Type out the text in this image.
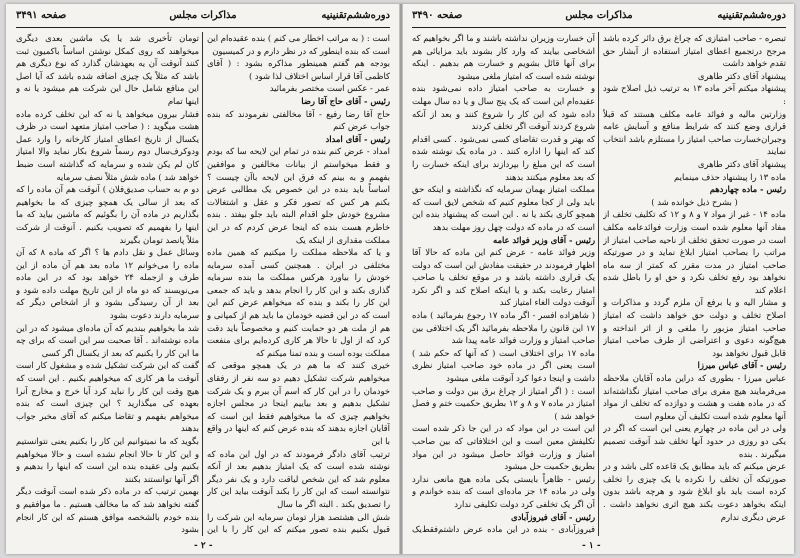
دوره‌ششم‌تقنینیه
مذاکرات مجلس
صفحه ۳۴۹۱

است : ( به مراتب اخطار می کنم ) بنده عقیده‌ام این است که بنده اینطور که در نظر دارم و در کمیسیون

بودجه هم گفتم همینطور مذاکره بشود : ( آقای کاظمی آقا قرار اساس اختلاف لذا شود )

عمر - عکس است مختصر بفرمائید

رئیس - آقای حاج آقا رضا

حاج آقا رضا رفیع - آقا مخالفتی نفرمودند که بنده جواب عرض کنم

رئیس - آقای امداد

امداد - عرض کنم بنده در تمام این لایحه سا که بودم و فقط میخواستم از بیانات مخالفین و موافقین بفهمم و به بینم که فرق این لایحه باآن چیست ؟ اساساً باید بنده در این خصوص یک مطالبی عرض بکنم هر کس که تصور فکر و عقل و اشتغالات مشروع خودش جلو اقدام البته باید جلو بیفتد . بنده خاطرم هست بنده که اینجا عرض کردم که در این مملکت مقداری از اینکه یک

و یا که ملاحظه مملکت را میکنیم که همین ماده مختلفی در ایران . همچنین کسی آمده سرمایه خودش را بیاورد هرکس مملکت ما بنده سرمایه گذاری بکند و این کار را انجام بدهد و باید که جمعی این کار را بکند و بنده که میخواهم عرض کنم این است که در این قضیه خودمان ما باید هم از کمپانی و هم از ملت هر دو حمایت کنیم و مخصوصاً باید دقت کرد که از اول تا حالا هر کاری کرده‌ایم برای منفعت مملکت بوده است و بنده تمنا میکنم که

خیری کنند که ما هم در یک همچو موقعی که میخواهیم شرکت تشکیل دهیم دو سه نفر از رفقای خودمان را در این کار که اسم آن ببرم و یک شرکت تشکیل بدهیم و بعد بیاییم اینجا در مجلس اجازه بخواهیم چیزی که ما میخواهیم فقط این است که آقایان اجازه بدهند که بنده عرض کنم که اینها در واقع با این

ترتیب آقای دادگر فرمودند که در اول این ماده که نوشته شده است که یک امتیاز بدهیم بعد از آنکه معلوم شد که این شخص لیاقت دارد و یک نفر دیگر نتوانسته است که این کار را بکند آنوقت بیاید این کار را تصدیق بکند . البته اگر ما سال

شش الی هشتصد هزار تومان سرمایه این شرکت را قبول بکنیم بنده تصور میکنم که این کار را با این

تومان تأخیری شد یا یک ماشین بعدی دیگری میخواهند که روی کمکل نوشتن اساساً باکمیون ثبت کنند آنوقت آن یه بعهدشان گذارد که نوع دیگری هم باشد که مثلاً یک چیزی اضافه شده باشد که آیا اصل این منافع شامل حال این شرکت هم میشود یا نه و اینها تمام

فشار بیرون میخواهد یا نه که این تخلف کرده ماده هشت میگوید : ( صاحب امتیاز متعهد است در ظرف یکسال از تاریخ اعطای امتیاز کارخانه را وارد عمل ودوکرف‌سال دوم رسماً شروع بکار نماید والا امتیاز کان لم یکن شده و سرمایه که گذاشته است ضبط خواهد شد ) ماده شش مثلاً نصف سرمایه

دو م به حساب صدیق‌فلان ) آنوقت هم آن ماده را که که بعد از سالی یک همچو چیزی که ما بخواهیم بگذاریم در ماده آن را بگوئیم که ماشین بیاید که ما اینها را بفهمیم که تصویب بکنیم . آنوقت از شرکت مثلاً پانصد تومان بگیرند

وسائل عمل و نقل دادم ها ؟ اگر که ماده ۸ که آن ماده را می‌خوانم ۱۲ ماده بعد هم آن ماده از این طرف و ازجمله ۲۴ خواهد بود که در این ماده می‌نویسند که دو ماه از این تاریخ مهلت داده شود و بعد از آن رسیدگی بشود و از اشخاص دیگر که سرمایه دارند دعوت بشود

شد ما بخواهیم ببندیم که آن ماده‌ای میشود که در این ماده نوشته‌اند . آقا صحبت سر این است که برای چه ما این کار را بکنیم که بعد از یکسال اگر کسی

گفت که این شرکت تشکیل شده و مشغول کار است آنوقت ما هر کاری که میخواهیم بکنیم . این است که هیچ وقت این کار را نباید کرد آیا خرج و مخارج آنرا بعهده کی میگذارید ؟ این چیزی است که بنده میخواهم بفهمم و تقاضا میکنم که آقای مخبر جواب بدهند

بگوید که ما نمیتوانیم این کار را بکنیم یعنی نتوانستیم و این کار تا حالا انجام نشده است و حالا میخواهیم بکنیم ولی عقیده بنده این است که اینها را بدهیم و اگر آنها توانستند بکنند

بهمین ترتیب که در ماده ذکر شده است آنوقت دیگر گفته نخواهد شد که ما مخالف هستیم . ما موافقیم و بنده خودم بالشخصه موافق هستم که این کار انجام بشود

- ۲ -
دوره‌ششم‌تقنینیه
مذاکرات مجلس
صفحه ۳۴۹۰

تبصره - صاحب امتیازی که چراغ برق دائر کرده باشد مرجح درتجمیع اعطای امتیاز استفاده از آبشار حق تقدم خواهد داشت

پیشنهاد آقای دکتر طاهری

پیشنهاد میکنم آخر ماده ۱۳ به ترتیب ذیل اصلاح شود :

وزارتین مالیه و فوائد عامه مکلف هستند که قبلاً قراری وضع کنند که شرایط منافع و آسایش عامه وجبران‌خسارت صاحب امتیاز را مستلزم باشد انتخاب نمایند

پیشنهاد آقای دکتر طاهری

ماده ۱۳ را پیشنهاد حذف مینمایم

رئیس - ماده چهاردهم

( بشرح ذیل خوانده شد )

ماده ۱۴ - غیر از مواد ۷ و ۸ و ۱۲ که تکلیف تخلف از مفاد آنها معلوم شده است وزارت فوائدعامه مکلف است در صورت تحقق تخلف از ناحیه صاحب امتیاز از مراتب را بصاحب امتیاز ابلاغ نماید و در صورتیکه صاحب امتیاز در مدت مقرر که کمتر از سه ماه نخواهد بود رفع تخلف نکرد و حق او را باطل شده اعلام کند

و مشار الیه و یا برفع آن ملزم گردد و مذاکرات و اصلاح تخلف و دولت حق خواهد داشت که امتیاز صاحب امتیاز مزبور را ملغی و از اثر انداخته و هیچ‌گونه دعوی و اعتراضی از طرف صاحب امتیاز قابل قبول نخواهد بود

رئیس - آقای عباس میرزا

عباس میرزا - بطوری که دراین ماده آقایان ملاحظه می‌فرمایند هیچ مفری برای صاحب امتیاز نگذاشته‌اند که در ماده هفت و هشت و دوازده که تخلف از مواد آنها معلوم شده است تکلیف آن معلوم است

ولی در این ماده در چهارم یعنی این است که اگر در یکی دو روزی در حدود آنها تخلف شد آنوقت تصمیم میگیرند . بنده

عرض میکنم که باید مطابق یک قاعده کلی باشد و در صورتیکه آن تخلف را نکرده یا یک چیزی را تخلف کرده است باید باو ابلاغ شود و هرچه باشد بدون اینکه بخواهد دعوت بکند هیچ اثری نخواهد داشت . عرض دیگری ندارم

آن خسارت وزیران نداشته باشند و ما اگر بخواهیم که اشخاصی بیایند که وارد کار بشوند باید مزایائی هم برای آنها قائل بشویم و خسارت هم بدهیم . اینکه نوشته شده است که امتیاز ملغی میشود

و خسارت به صاحب امتیاز داده نمی‌شود بنده عقیده‌ام این است که یک پنج سال و یا ده سال مهلت داده شود که این کار را شروع کنند و بعد از آنکه شروع کردند آنوقت اگر تخلف کردند

که بهتر و قدرت تقاضای کسی نمی‌شود . کسی اقدام کند که اینها را اداره کنند . در ماده یک نوشته شده است که این مبلغ را بپردازند برای اینکه خسارت را که بعد معلوم میکنند بدهند

مملکت امتیاز بهمان سرمایه که نگذاشته و اینکه حق باید ولی از کجا معلوم کنیم که شخص لایق است که همچو کاری بکند یا نه . این است که پیشنهاد بنده این است که در ماده که دولت چهل روز مهلت بدهد

رئیس - آقای وزیر فوائد عامه

وزیر فوائد عامه - عرض کنم این ماده که حالا آقا اظهار فرمودند در حقیقت مفادش این است که دولت یک قراری داشته باشد و در موقع تخلف یا صاحب امتیاز رعایت بکند و یا اینکه اصلاح کند و اگر نکرد آنوقت دولت الغاء امتیاز کند

( شاهزاده افسر - اگر ماده ۱۷ رجوع بفرمائید ) ماده ۱۷ این قانون را ملاحظه بفرمائید اگر یک اختلافی بین صاحب امتیاز و وزارت فوائد عامه پیدا شد

ماده ۱۷ برای اختلاف است ( که آنها که حکم شد ) است یعنی اگر در ماده خود صاحب امتیاز نظری داشت و اینجا دعوا کرد آنوقت ملغی میشود

است : ( اگر امتیاز از چراغ برق بین دولت و صاحب امتیاز در ماده ۷ و ۸ و ۱۲ بطریق حکمیت ختم و فصل خواهد شد )

این است در این مواد که در این جا ذکر شده است تکلیفش معین است و این اختلافاتی که بین صاحب امتیاز و وزارت فوائد حاصل میشود در این مواد بطریق حکمیت حل میشود

رئیس - ظاهراً بایستی یکی ماده هیچ مانعی ندارد ولی در ماده ۱۴ جز ماده‌ای است که بنده خواندم و آن اگر یک تخلفی کرد دولت تکلیفی ندارد

رئیس - آقای فیروزآبادی

فیروزآبادی - بنده در این ماده عرض داشتم‌فقط‌یک

- ۱ -
